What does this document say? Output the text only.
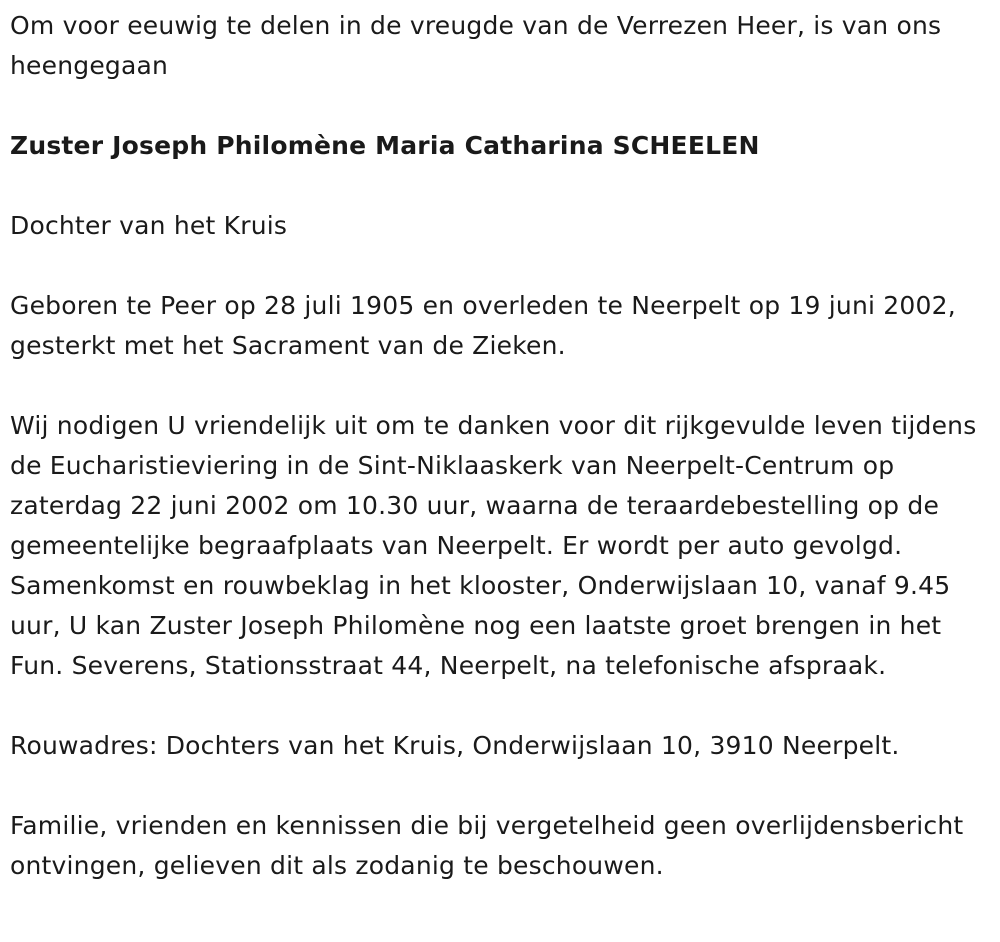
Om voor eeuwig te delen in de vreugde van de Verrezen Heer, is van ons heengegaan

Zuster Joseph Philomène Maria Catharina SCHEELEN

Dochter van het Kruis

Geboren te Peer op 28 juli 1905 en overleden te Neerpelt op 19 juni 2002, gesterkt met het Sacrament van de Zieken.

Wij nodigen U vriendelijk uit om te danken voor dit rijkgevulde leven tijdens de Eucharistieviering in de Sint-Niklaaskerk van Neerpelt-Centrum op zaterdag 22 juni 2002 om 10.30 uur, waarna de teraardebestelling op de gemeentelijke begraafplaats van Neerpelt. Er wordt per auto gevolgd. Samenkomst en rouwbeklag in het klooster, Onderwijslaan 10, vanaf 9.45 uur, U kan Zuster Joseph Philomène nog een laatste groet brengen in het Fun. Severens, Stationsstraat 44, Neerpelt, na telefonische afspraak.

Rouwadres: Dochters van het Kruis, Onderwijslaan 10, 3910 Neerpelt.

Familie, vrienden en kennissen die bij vergetelheid geen overlijdensbericht ontvingen, gelieven dit als zodanig te beschouwen.
